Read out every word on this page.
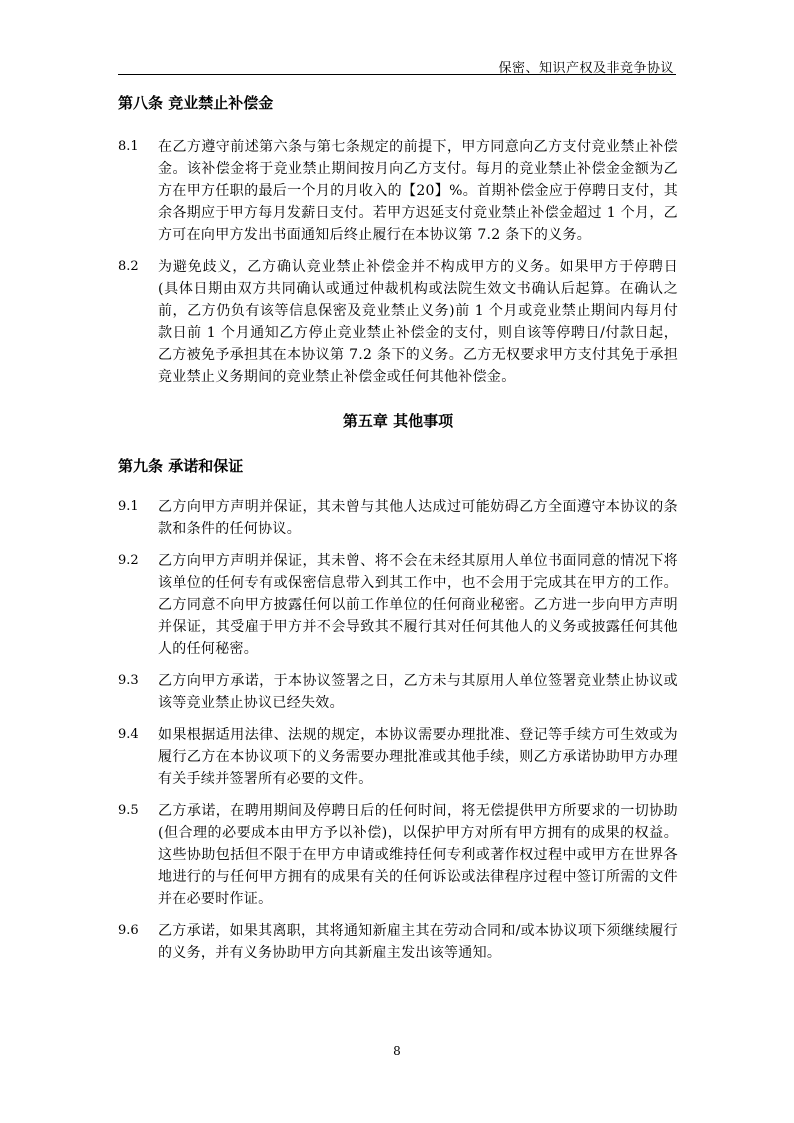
保密、知识产权及非竞争协议
第八条 竞业禁止补偿金
8.1	在乙方遵守前述第六条与第七条规定的前提下，甲方同意向乙方支付竞业禁止补偿金。该补偿金将于竞业禁止期间按月向乙方支付。每月的竞业禁止补偿金金额为乙方在甲方任职的最后一个月的月收入的【20】%。首期补偿金应于停聘日支付，其余各期应于甲方每月发薪日支付。若甲方迟延支付竞业禁止补偿金超过 1 个月，乙方可在向甲方发出书面通知后终止履行在本协议第 7.2 条下的义务。
8.2	为避免歧义，乙方确认竞业禁止补偿金并不构成甲方的义务。如果甲方于停聘日(具体日期由双方共同确认或通过仲裁机构或法院生效文书确认后起算。在确认之前，乙方仍负有该等信息保密及竞业禁止义务)前 1 个月或竞业禁止期间内每月付款日前 1 个月通知乙方停止竞业禁止补偿金的支付，则自该等停聘日/付款日起，乙方被免予承担其在本协议第 7.2 条下的义务。乙方无权要求甲方支付其免于承担竞业禁止义务期间的竞业禁止补偿金或任何其他补偿金。
第五章 其他事项
第九条 承诺和保证
9.1	乙方向甲方声明并保证，其未曾与其他人达成过可能妨碍乙方全面遵守本协议的条款和条件的任何协议。
9.2	乙方向甲方声明并保证，其未曾、将不会在未经其原用人单位书面同意的情况下将该单位的任何专有或保密信息带入到其工作中，也不会用于完成其在甲方的工作。乙方同意不向甲方披露任何以前工作单位的任何商业秘密。乙方进一步向甲方声明并保证，其受雇于甲方并不会导致其不履行其对任何其他人的义务或披露任何其他人的任何秘密。
9.3	乙方向甲方承诺，于本协议签署之日，乙方未与其原用人单位签署竞业禁止协议或该等竞业禁止协议已经失效。
9.4	如果根据适用法律、法规的规定，本协议需要办理批准、登记等手续方可生效或为履行乙方在本协议项下的义务需要办理批准或其他手续，则乙方承诺协助甲方办理有关手续并签署所有必要的文件。
9.5	乙方承诺，在聘用期间及停聘日后的任何时间，将无偿提供甲方所要求的一切协助(但合理的必要成本由甲方予以补偿)，以保护甲方对所有甲方拥有的成果的权益。这些协助包括但不限于在甲方申请或维持任何专利或著作权过程中或甲方在世界各地进行的与任何甲方拥有的成果有关的任何诉讼或法律程序过程中签订所需的文件并在必要时作证。
9.6	乙方承诺，如果其离职，其将通知新雇主其在劳动合同和/或本协议项下须继续履行的义务，并有义务协助甲方向其新雇主发出该等通知。
8
